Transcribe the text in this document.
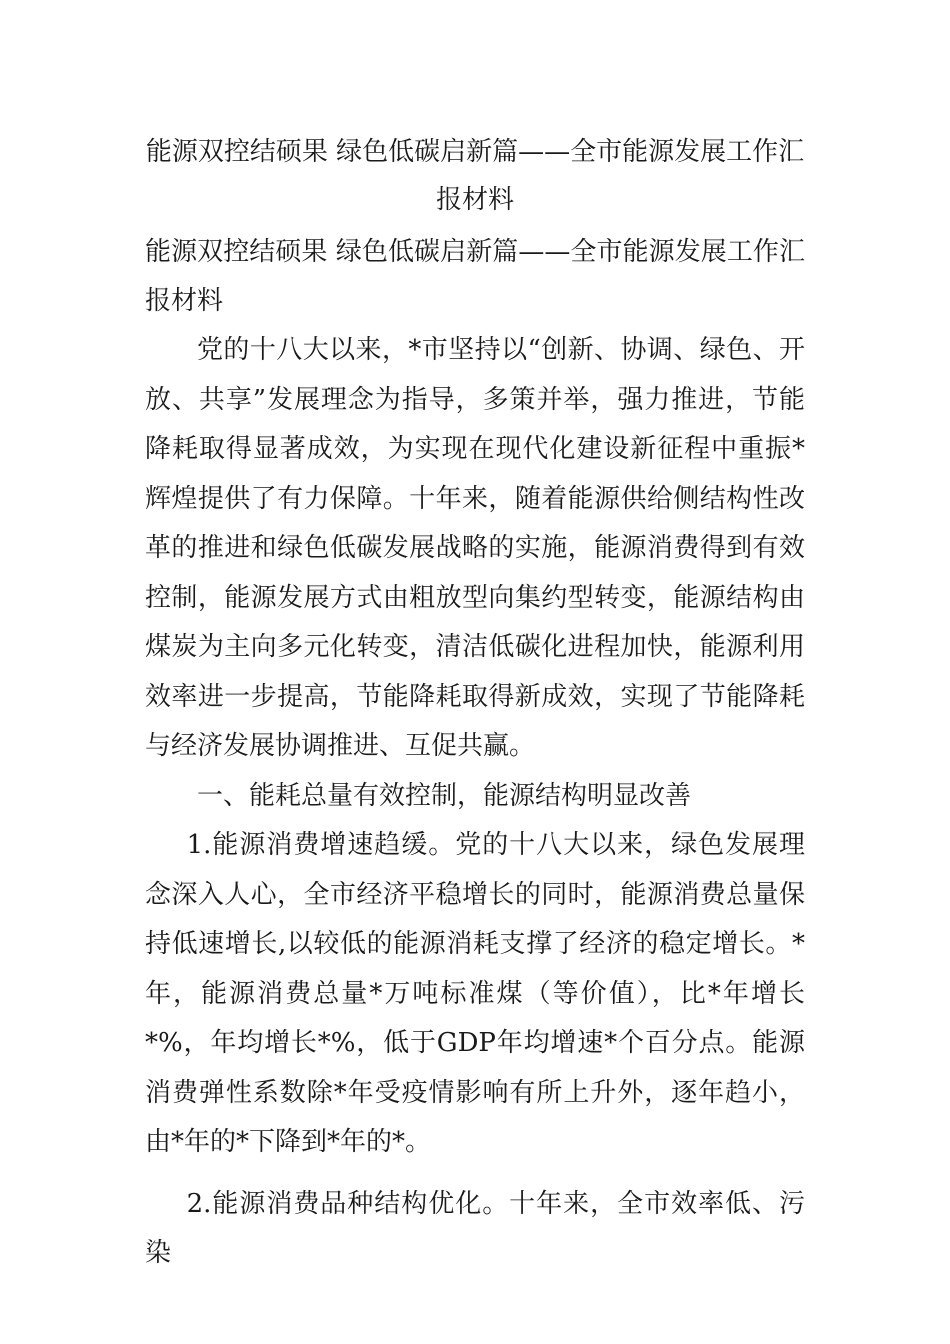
能源双控结硕果 绿色低碳启新篇——全市能源发展工作汇报材料

能源双控结硕果 绿色低碳启新篇——全市能源发展工作汇报材料

党的十八大以来，*市坚持以“创新、协调、绿色、开放、共享”发展理念为指导，多策并举，强力推进，节能降耗取得显著成效，为实现在现代化建设新征程中重振*辉煌提供了有力保障。十年来，随着能源供给侧结构性改革的推进和绿色低碳发展战略的实施，能源消费得到有效控制，能源发展方式由粗放型向集约型转变，能源结构由煤炭为主向多元化转变，清洁低碳化进程加快，能源利用效率进一步提高，节能降耗取得新成效，实现了节能降耗与经济发展协调推进、互促共赢。

一、能耗总量有效控制，能源结构明显改善

1.能源消费增速趋缓。党的十八大以来，绿色发展理念深入人心，全市经济平稳增长的同时，能源消费总量保持低速增长,以较低的能源消耗支撑了经济的稳定增长。*年，能源消费总量*万吨标准煤（等价值），比*年增长*%，年均增长*%，低于GDP年均增速*个百分点。能源消费弹性系数除*年受疫情影响有所上升外，逐年趋小，由*年的*下降到*年的*。

2.能源消费品种结构优化。十年来，全市效率低、污染
